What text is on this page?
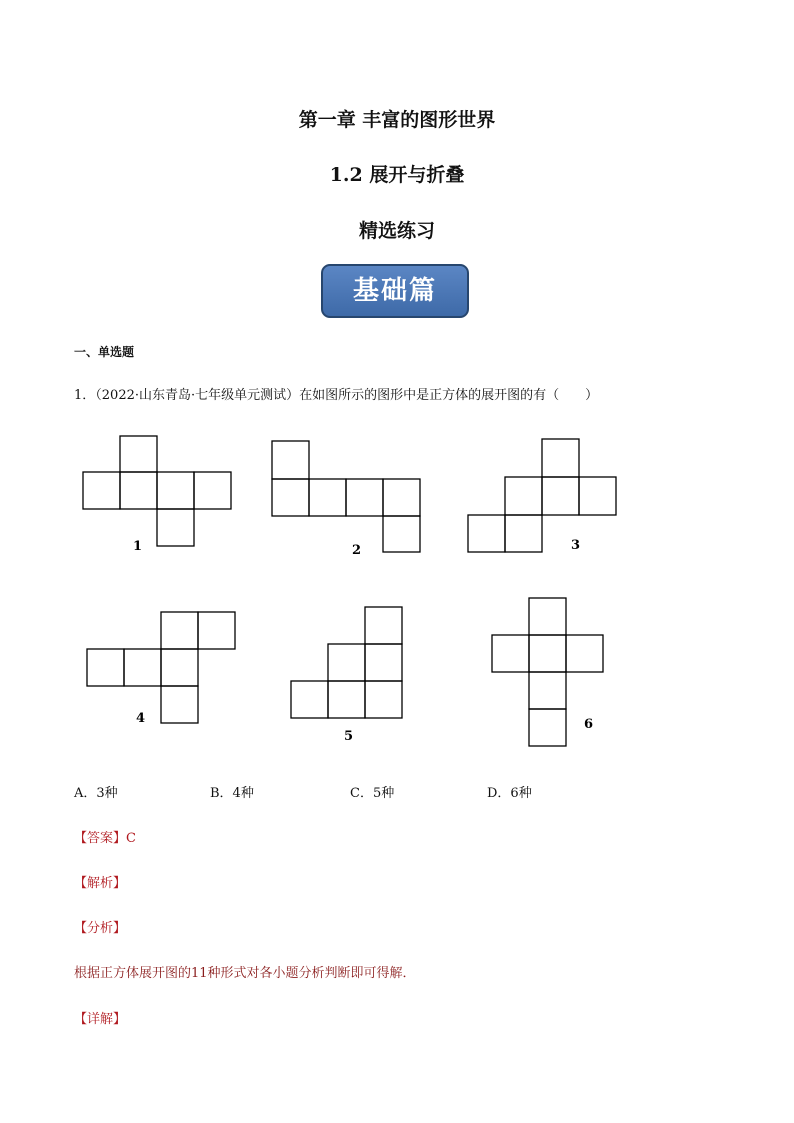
第一章 丰富的图形世界
1.2 展开与折叠
精选练习
基础篇
一、单选题
1．（2022·山东青岛·七年级单元测试）在如图所示的图形中是正方体的展开图的有（　　）
1	2	3
4
5
6
A．3种	B．4种	C．5种	D．6种
【答案】C
【解析】
【分析】
根据正方体展开图的11种形式对各小题分析判断即可得解．
【详解】
